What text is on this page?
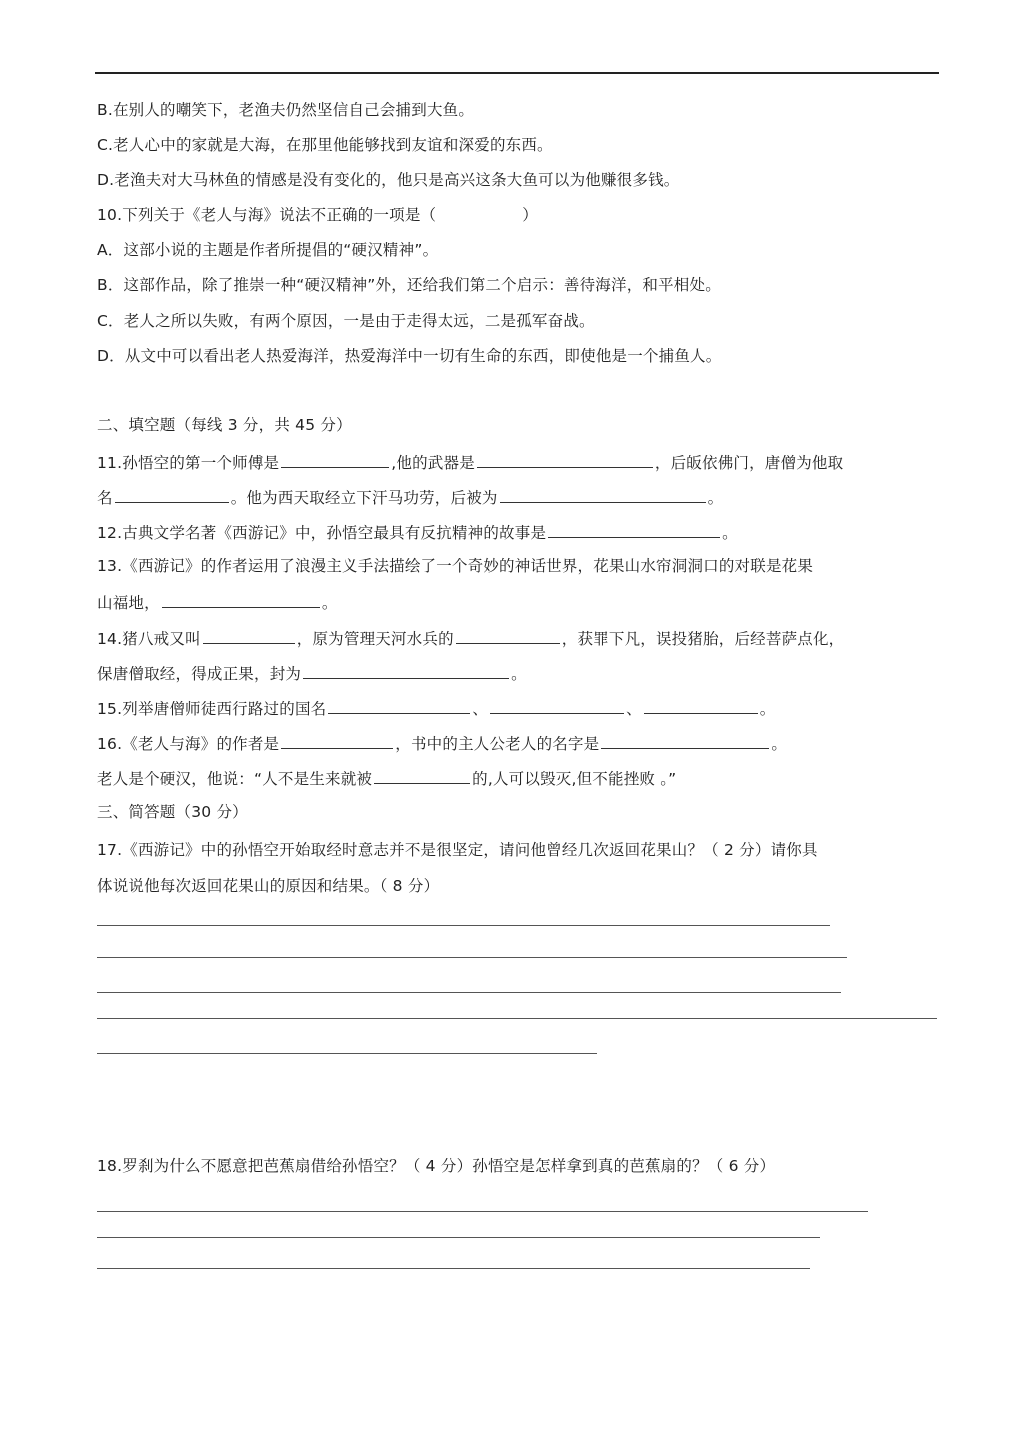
B.在别人的嘲笑下，老渔夫仍然坚信自己会捕到大鱼。
C.老人心中的家就是大海，在那里他能够找到友谊和深爱的东西。
D.老渔夫对大马林鱼的情感是没有变化的，他只是高兴这条大鱼可以为他赚很多钱。
10.下列关于《老人与海》说法不正确的一项是（	）
A．这部小说的主题是作者所提倡的“硬汉精神”。
B．这部作品，除了推崇一种“硬汉精神”外，还给我们第二个启示：善待海洋，和平相处。
C．老人之所以失败，有两个原因，一是由于走得太远，二是孤军奋战。
D．从文中可以看出老人热爱海洋，热爱海洋中一切有生命的东西，即使他是一个捕鱼人。
二、填空题（每线 3 分，共 45 分）
11.孙悟空的第一个师傅是	,他的武器是	，后皈依佛门，唐僧为他取
名	。他为西天取经立下汗马功劳，后被为	。
12.古典文学名著《西游记》中，孙悟空最具有反抗精神的故事是	。
13.《西游记》的作者运用了浪漫主义手法描绘了一个奇妙的神话世界，花果山水帘洞洞口的对联是花果
山福地，	。
14.猪八戒又叫	，原为管理天河水兵的	，获罪下凡，误投猪胎，后经菩萨点化，
保唐僧取经，得成正果，封为	。
15.列举唐僧师徒西行路过的国名	、	、	。
16.《老人与海》的作者是	，书中的主人公老人的名字是	。
老人是个硬汉，他说：“人不是生来就被	的,人可以毁灭,但不能挫败 。”
三、简答题（30 分）
17.《西游记》中的孙悟空开始取经时意志并不是很坚定，请问他曾经几次返回花果山？（ 2 分）请你具
体说说他每次返回花果山的原因和结果。（ 8 分）
18.罗刹为什么不愿意把芭蕉扇借给孙悟空？（ 4 分）孙悟空是怎样拿到真的芭蕉扇的？（ 6 分）
